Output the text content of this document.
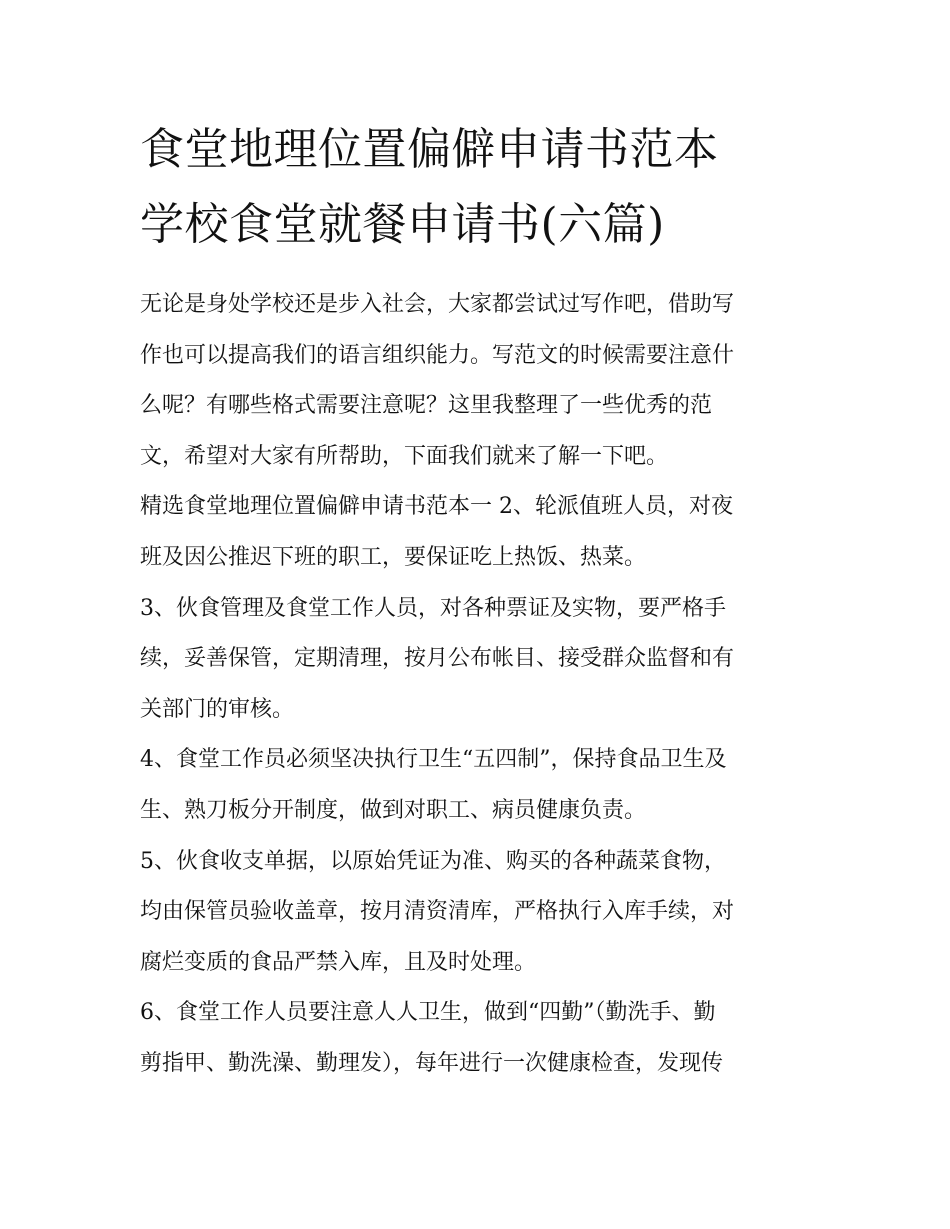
食堂地理位置偏僻申请书范本
学校食堂就餐申请书(六篇)

无论是身处学校还是步入社会，大家都尝试过写作吧，借助写
作也可以提高我们的语言组织能力。写范文的时候需要注意什
么呢？有哪些格式需要注意呢？这里我整理了一些优秀的范
文，希望对大家有所帮助，下面我们就来了解一下吧。

精选食堂地理位置偏僻申请书范本一 2、轮派值班人员，对夜
班及因公推迟下班的职工，要保证吃上热饭、热菜。

3、伙食管理及食堂工作人员，对各种票证及实物，要严格手
续，妥善保管，定期清理，按月公布帐目、接受群众监督和有
关部门的审核。

4、食堂工作员必须坚决执行卫生“五四制”，保持食品卫生及
生、熟刀板分开制度，做到对职工、病员健康负责。

5、伙食收支单据，以原始凭证为准、购买的各种蔬菜食物，
均由保管员验收盖章，按月清资清库，严格执行入库手续，对
腐烂变质的食品严禁入库，且及时处理。

6、食堂工作人员要注意人人卫生，做到“四勤”（勤洗手、勤
剪指甲、勤洗澡、勤理发），每年进行一次健康检查，发现传
